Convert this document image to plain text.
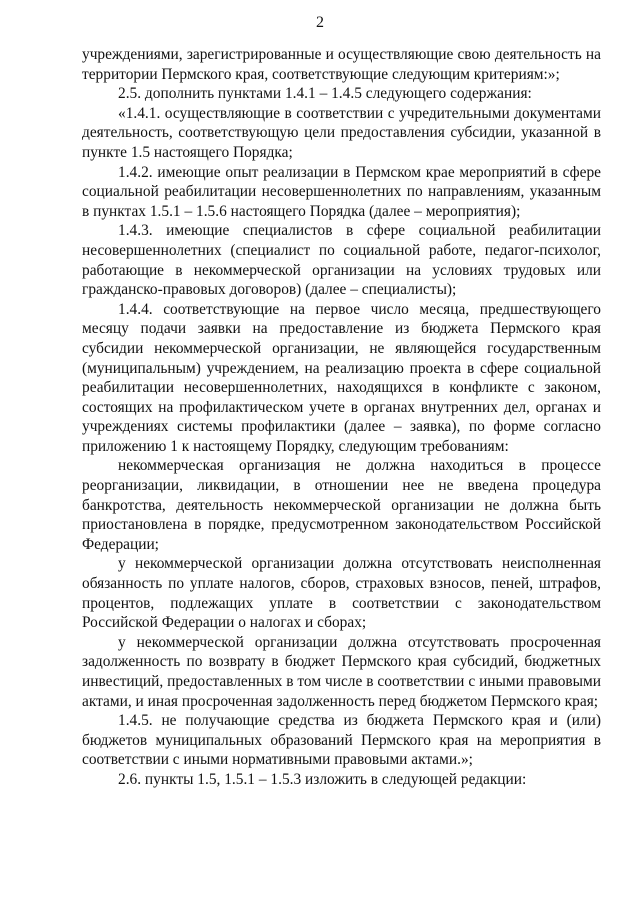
2

учреждениями, зарегистрированные и осуществляющие свою деятельность на территории Пермского края, соответствующие следующим критериям:»;

2.5. дополнить пунктами 1.4.1 – 1.4.5 следующего содержания:

«1.4.1. осуществляющие в соответствии с учредительными документами деятельность, соответствующую цели предоставления субсидии, указанной в пункте 1.5 настоящего Порядка;

1.4.2. имеющие опыт реализации в Пермском крае мероприятий в сфере социальной реабилитации несовершеннолетних по направлениям, указанным в пунктах 1.5.1 – 1.5.6 настоящего Порядка (далее – мероприятия);

1.4.3. имеющие специалистов в сфере социальной реабилитации несовершеннолетних (специалист по социальной работе, педагог-психолог, работающие в некоммерческой организации на условиях трудовых или гражданско-правовых договоров) (далее – специалисты);

1.4.4. соответствующие на первое число месяца, предшествующего месяцу подачи заявки на предоставление из бюджета Пермского края субсидии некоммерческой организации, не являющейся государственным (муниципальным) учреждением, на реализацию проекта в сфере социальной реабилитации несовершеннолетних, находящихся в конфликте с законом, состоящих на профилактическом учете в органах внутренних дел, органах и учреждениях системы профилактики (далее – заявка), по форме согласно приложению 1 к настоящему Порядку, следующим требованиям:

некоммерческая организация не должна находиться в процессе реорганизации, ликвидации, в отношении нее не введена процедура банкротства, деятельность некоммерческой организации не должна быть приостановлена в порядке, предусмотренном законодательством Российской Федерации;

у некоммерческой организации должна отсутствовать неисполненная обязанность по уплате налогов, сборов, страховых взносов, пеней, штрафов, процентов, подлежащих уплате в соответствии с законодательством Российской Федерации о налогах и сборах;

у некоммерческой организации должна отсутствовать просроченная задолженность по возврату в бюджет Пермского края субсидий, бюджетных инвестиций, предоставленных в том числе в соответствии с иными правовыми актами, и иная просроченная задолженность перед бюджетом Пермского края;

1.4.5. не получающие средства из бюджета Пермского края и (или) бюджетов муниципальных образований Пермского края на мероприятия в соответствии с иными нормативными правовыми актами.»;

2.6. пункты 1.5, 1.5.1 – 1.5.3 изложить в следующей редакции:
